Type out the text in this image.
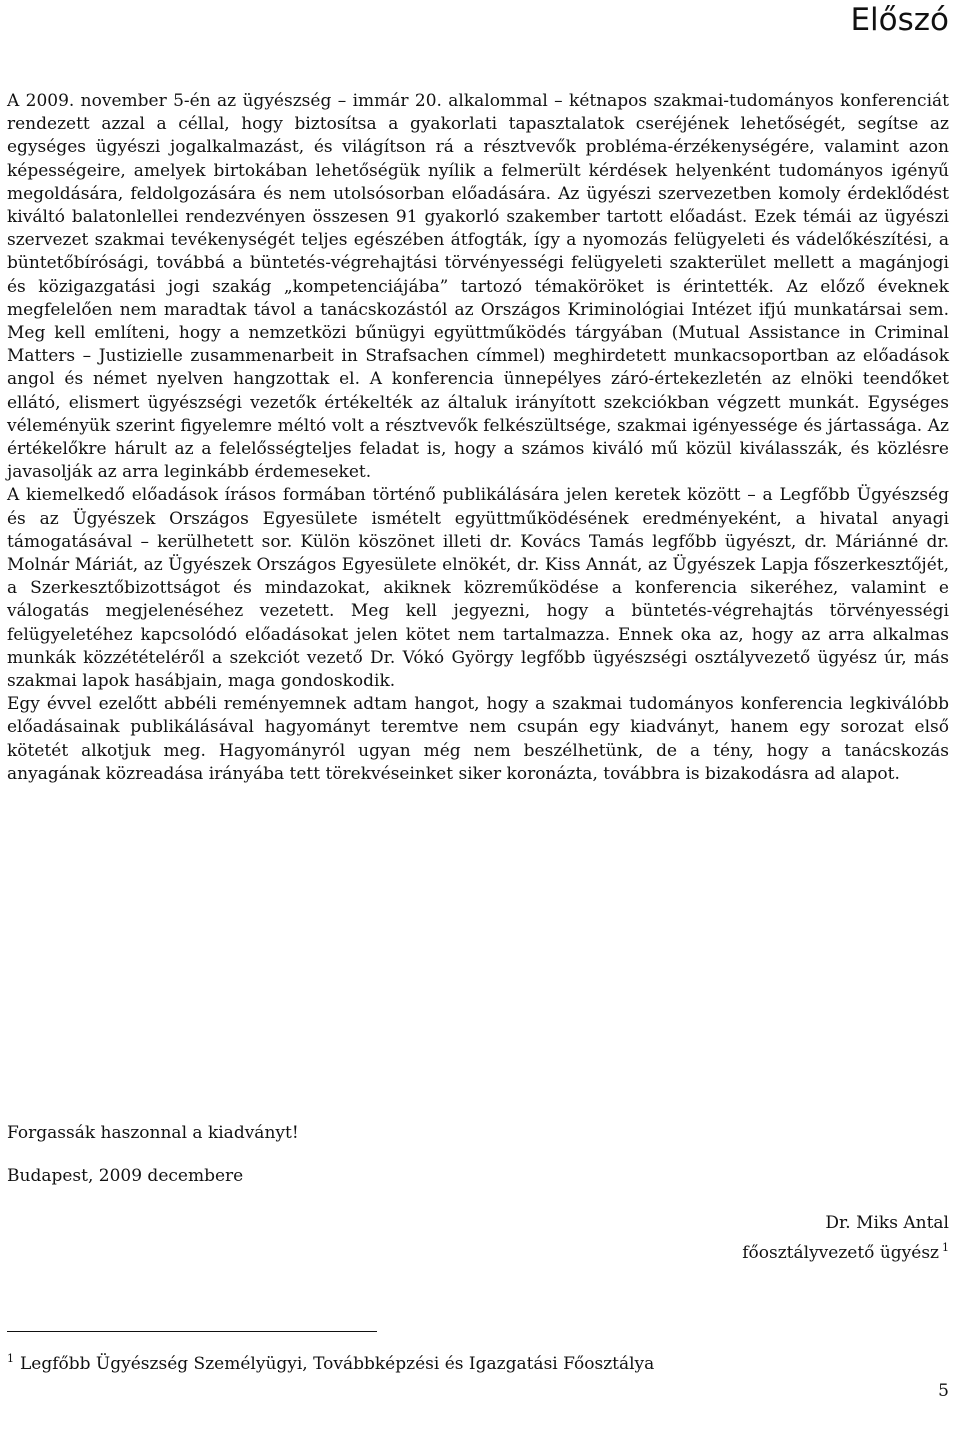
Előszó

A 2009. november 5-én az ügyészség – immár 20. alkalommal – kétnapos szakmai-tudományos konferenciát rendezett azzal a céllal, hogy biztosítsa a gyakorlati tapasztalatok cseréjének lehetőségét, segítse az egységes ügyészi jogalkalmazást, és világítson rá a résztvevők probléma-érzékenységére, valamint azon képességeire, amelyek birtokában lehetőségük nyílik a felmerült kérdések helyenként tudományos igényű megoldására, feldolgozására és nem utolsósorban előadására. Az ügyészi szervezetben komoly érdeklődést kiváltó balatonlellei rendezvényen összesen 91 gyakorló szakember tartott előadást. Ezek témái az ügyészi szervezet szakmai tevékenységét teljes egészében átfogták, így a nyomozás felügyeleti és vádelőkészítési, a büntetőbírósági, továbbá a büntetés-végrehajtási törvényességi felügyeleti szakterület mellett a magánjogi és közigazgatási jogi szakág „kompetenciájába” tartozó témaköröket is érintették. Az előző éveknek megfelelően nem maradtak távol a tanácskozástól az Országos Kriminológiai Intézet ifjú munkatársai sem. Meg kell említeni, hogy a nemzetközi bűnügyi együttműködés tárgyában (Mutual Assistance in Criminal Matters – Justizielle zusammenarbeit in Strafsachen címmel) meghirdetett munkacsoportban az előadások angol és német nyelven hangzottak el. A konferencia ünnepélyes záró-értekezletén az elnöki teendőket ellátó, elismert ügyészségi vezetők értékelték az általuk irányított szekciókban végzett munkát. Egységes véleményük szerint figyelemre méltó volt a résztvevők felkészültsége, szakmai igényessége és jártassága. Az értékelőkre hárult az a felelősségteljes feladat is, hogy a számos kiváló mű közül kiválasszák, és közlésre javasolják az arra leginkább érdemeseket.

A kiemelkedő előadások írásos formában történő publikálására jelen keretek között – a Legfőbb Ügyészség és az Ügyészek Országos Egyesülete ismételt együttműködésének eredményeként, a hivatal anyagi támogatásával – kerülhetett sor. Külön köszönet illeti dr. Kovács Tamás legfőbb ügyészt, dr. Máriánné dr. Molnár Máriát, az Ügyészek Országos Egyesülete elnökét, dr. Kiss Annát, az Ügyészek Lapja főszerkesztőjét, a Szerkesztőbizottságot és mindazokat, akiknek közreműködése a konferencia sikeréhez, valamint e válogatás megjelenéséhez vezetett. Meg kell jegyezni, hogy a büntetés-végrehajtás törvényességi felügyeletéhez kapcsolódó előadásokat jelen kötet nem tartalmazza. Ennek oka az, hogy az arra alkalmas munkák közzétételéről a szekciót vezető Dr. Vókó György legfőbb ügyészségi osztályvezető ügyész úr, más szakmai lapok hasábjain, maga gondoskodik.

Egy évvel ezelőtt abbéli reményemnek adtam hangot, hogy a szakmai tudományos konferencia legkiválóbb előadásainak publikálásával hagyományt teremtve nem csupán egy kiadványt, hanem egy sorozat első kötetét alkotjuk meg. Hagyományról ugyan még nem beszélhetünk, de a tény, hogy a tanácskozás anyagának közreadása irányába tett törekvéseinket siker koronázta, továbbra is bizakodásra ad alapot.

Forgassák haszonnal a kiadványt!

Budapest, 2009 decembere

Dr. Miks Antal
főosztályvezető ügyész $^1$
$^1$ Legfőbb Ügyészség Személyügyi, Továbbképzési és Igazgatási Főosztálya
5
